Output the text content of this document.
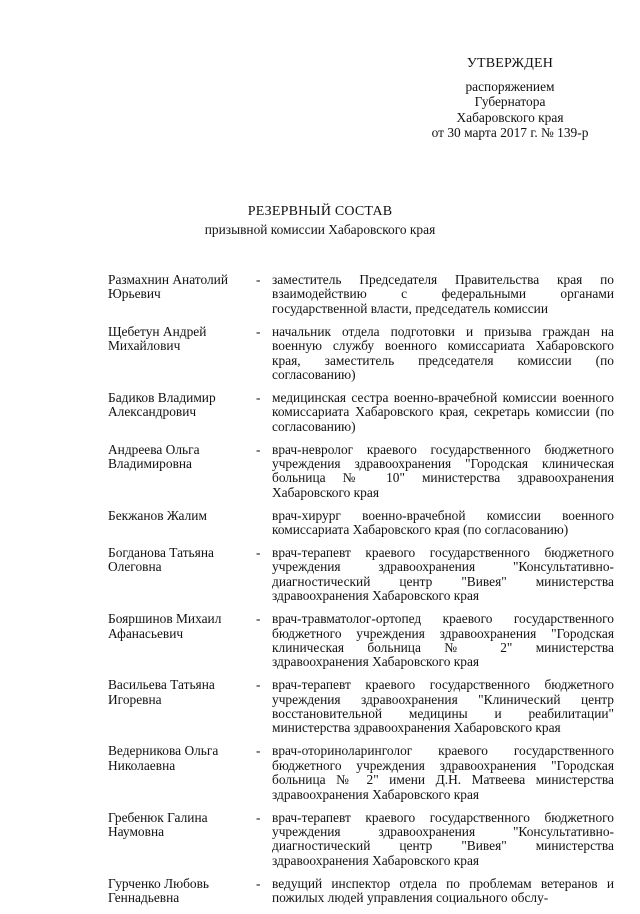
УТВЕРЖДЕН
распоряжением
Губернатора
Хабаровского края
от 30 марта 2017 г. № 139-р
РЕЗЕРВНЫЙ СОСТАВ
призывной комиссии Хабаровского края
Размахнин Анатолий Юрьевич
- заместитель Председателя Правительства края по взаимодействию с федеральными органами государственной власти, председатель комиссии
Щебетун Андрей Михайлович
- начальник отдела подготовки и призыва граждан на военную службу военного комиссариата Хабаровского края, заместитель председателя комиссии (по согласованию)
Бадиков Владимир Александрович
- медицинская сестра военно-врачебной комиссии военного комиссариата Хабаровского края, секретарь комиссии (по согласованию)
Андреева Ольга Владимировна
- врач-невролог краевого государственного бюджетного учреждения здравоохранения "Городская клиническая больница № 10" министерства здравоохранения Хабаровского края
Бекжанов Жалим	врач-хирург военно-врачебной комиссии военного комиссариата Хабаровского края (по согласованию)
Богданова Татьяна Олеговна
- врач-терапевт краевого государственного бюджетного учреждения здравоохранения "Консультативно-диагностический центр "Вивея" министерства здравоохранения Хабаровского края
Бояршинов Михаил Афанасьевич
- врач-травматолог-ортопед краевого государственного бюджетного учреждения здравоохранения "Городская клиническая больница № 2" министерства здравоохранения Хабаровского края
Васильева Татьяна Игоревна
- врач-терапевт краевого государственного бюджетного учреждения здравоохранения "Клинический центр восстановительной медицины и реабилитации" министерства здравоохранения Хабаровского края
Ведерникова Ольга Николаевна
- врач-оториноларинголог краевого государственного бюджетного учреждения здравоохранения "Городская больница № 2" имени Д.Н. Матвеева министерства здравоохранения Хабаровского края
Гребенюк Галина Наумовна
- врач-терапевт краевого государственного бюджетного учреждения здравоохранения "Консультативно-диагностический центр "Вивея" министерства здравоохранения Хабаровского края
Гурченко Любовь Геннадьевна
- ведущий инспектор отдела по проблемам ветеранов и пожилых людей управления социального обслу-
